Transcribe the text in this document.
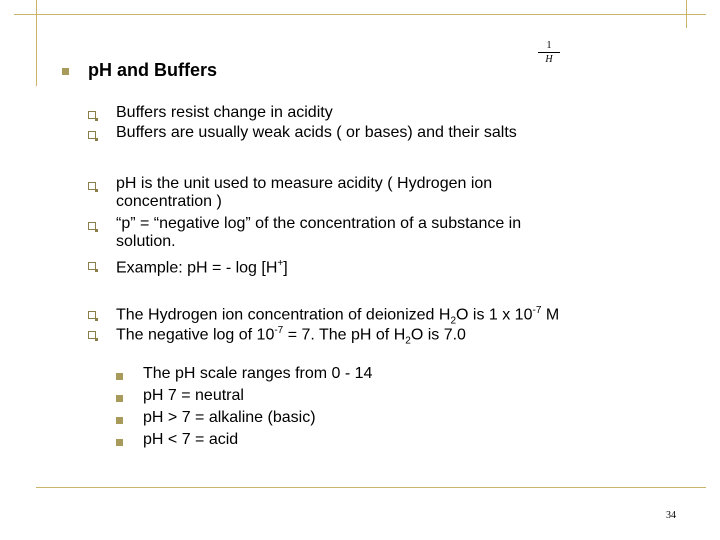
1
H
pH and Buffers
Buffers resist change in acidity
Buffers are usually weak acids ( or bases) and their salts
pH is the unit used to measure acidity ( Hydrogen ion
concentration )
“p” = “negative log” of the concentration of a substance in
solution.
Example: pH = - log [H+]
The Hydrogen ion concentration of deionized $H_2O$ is 1 x $10^{-7}$ M
The negative log of $10^{-7} = 7$. The pH of $H_2O$ is 7.0
The pH scale ranges from 0 - 14
pH 7 = neutral
pH > 7 = alkaline (basic)
pH < 7 = acid
34
